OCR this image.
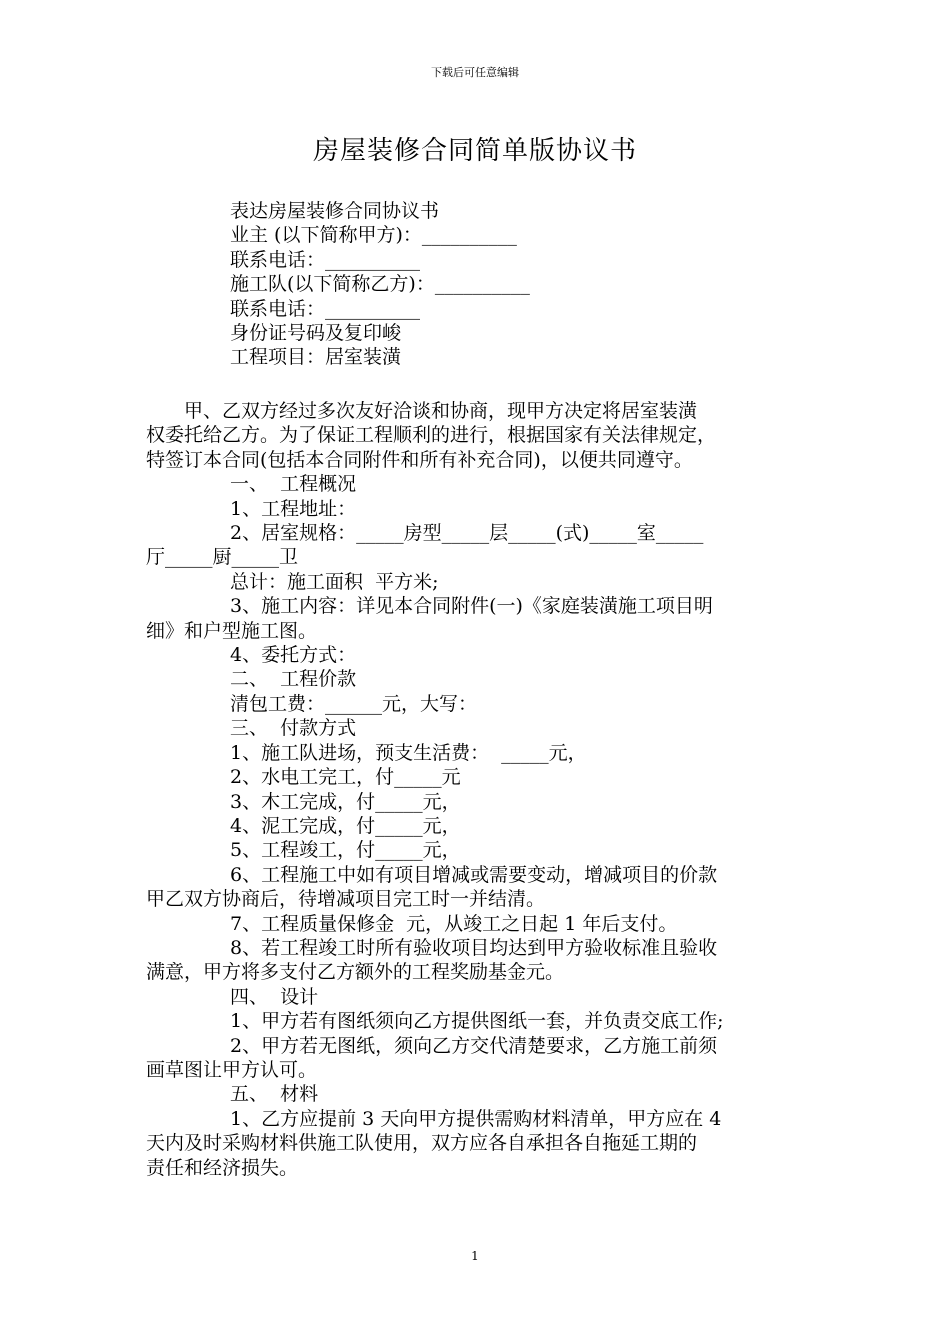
下载后可任意编辑
房屋装修合同简单版协议书
表达房屋装修合同协议书
业主 (以下简称甲方)：__________
联系电话：__________
施工队(以下简称乙方)：__________
联系电话：__________
身份证号码及复印峻
工程项目：居室装潢
甲、乙双方经过多次友好洽谈和协商，现甲方决定将居室装潢
权委托给乙方。为了保证工程顺利的进行，根据国家有关法律规定，
特签订本合同(包括本合同附件和所有补充合同)，以便共同遵守。
一、  工程概况
1、工程地址：
2、居室规格：_____房型_____层_____(式)_____室_____
厅_____厨_____卫
总计：施工面积  平方米;
3、施工内容：详见本合同附件(一)《家庭装潢施工项目明
细》和户型施工图。
4、委托方式：
二、  工程价款
清包工费：______元，大写：
三、  付款方式
1、施工队进场，预支生活费：  _____元，
2、水电工完工，付_____元
3、木工完成，付_____元，
4、泥工完成，付_____元，
5、工程竣工，付_____元，
6、工程施工中如有项目增减或需要变动，增减项目的价款
甲乙双方协商后，待增减项目完工时一并结清。
7、工程质量保修金  元，从竣工之日起 1 年后支付。
8、若工程竣工时所有验收项目均达到甲方验收标准且验收
满意，甲方将多支付乙方额外的工程奖励基金元。
四、  设计
1、甲方若有图纸须向乙方提供图纸一套，并负责交底工作;
2、甲方若无图纸，须向乙方交代清楚要求，乙方施工前须
画草图让甲方认可。
五、  材料
1、乙方应提前 3 天向甲方提供需购材料清单，甲方应在 4
天内及时采购材料供施工队使用，双方应各自承担各自拖延工期的
责任和经济损失。
1
